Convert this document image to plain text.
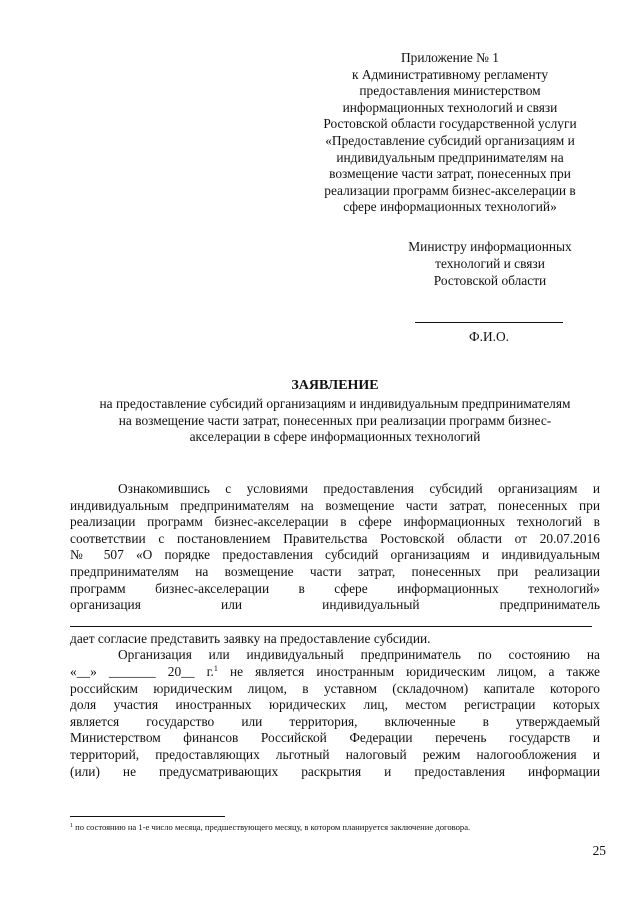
Приложение № 1
к Административному регламенту
предоставления министерством
информационных технологий и связи
Ростовской области государственной услуги
«Предоставление субсидий организациям и
индивидуальным предпринимателям на
возмещение части затрат, понесенных при
реализации программ бизнес-акселерации в
сфере информационных технологий»
Министру информационных
технологий и связи
Ростовской области
Ф.И.О.
ЗАЯВЛЕНИЕ
на предоставление субсидий организациям и индивидуальным предпринимателям
на возмещение части затрат, понесенных при реализации программ бизнес-
акселерации в сфере информационных технологий
Ознакомившись с условиями предоставления субсидий организациям и
индивидуальным предпринимателям на возмещение части затрат, понесенных при
реализации программ бизнес-акселерации в сфере информационных технологий в
соответствии с постановлением Правительства Ростовской области от 20.07.2016
№ 507 «О порядке предоставления субсидий организациям и индивидуальным
предпринимателям на возмещение части затрат, понесенных при реализации
программ бизнес-акселерации в сфере информационных технологий»
организация или индивидуальный предприниматель
дает согласие представить заявку на предоставление субсидии.
Организация или индивидуальный предприниматель по состоянию на
«__» _______ 20__ г.$^1$ не является иностранным юридическим лицом, а также
российским юридическим лицом, в уставном (складочном) капитале которого
доля участия иностранных юридических лиц, местом регистрации которых
является государство или территория, включенные в утверждаемый
Министерством финансов Российской Федерации перечень государств и
территорий, предоставляющих льготный налоговый режим налогообложения и
(или) не предусматривающих раскрытия и предоставления информации
$^1$ по состоянию на 1-е число месяца, предшествующего месяцу, в котором планируется заключение договора.
25
